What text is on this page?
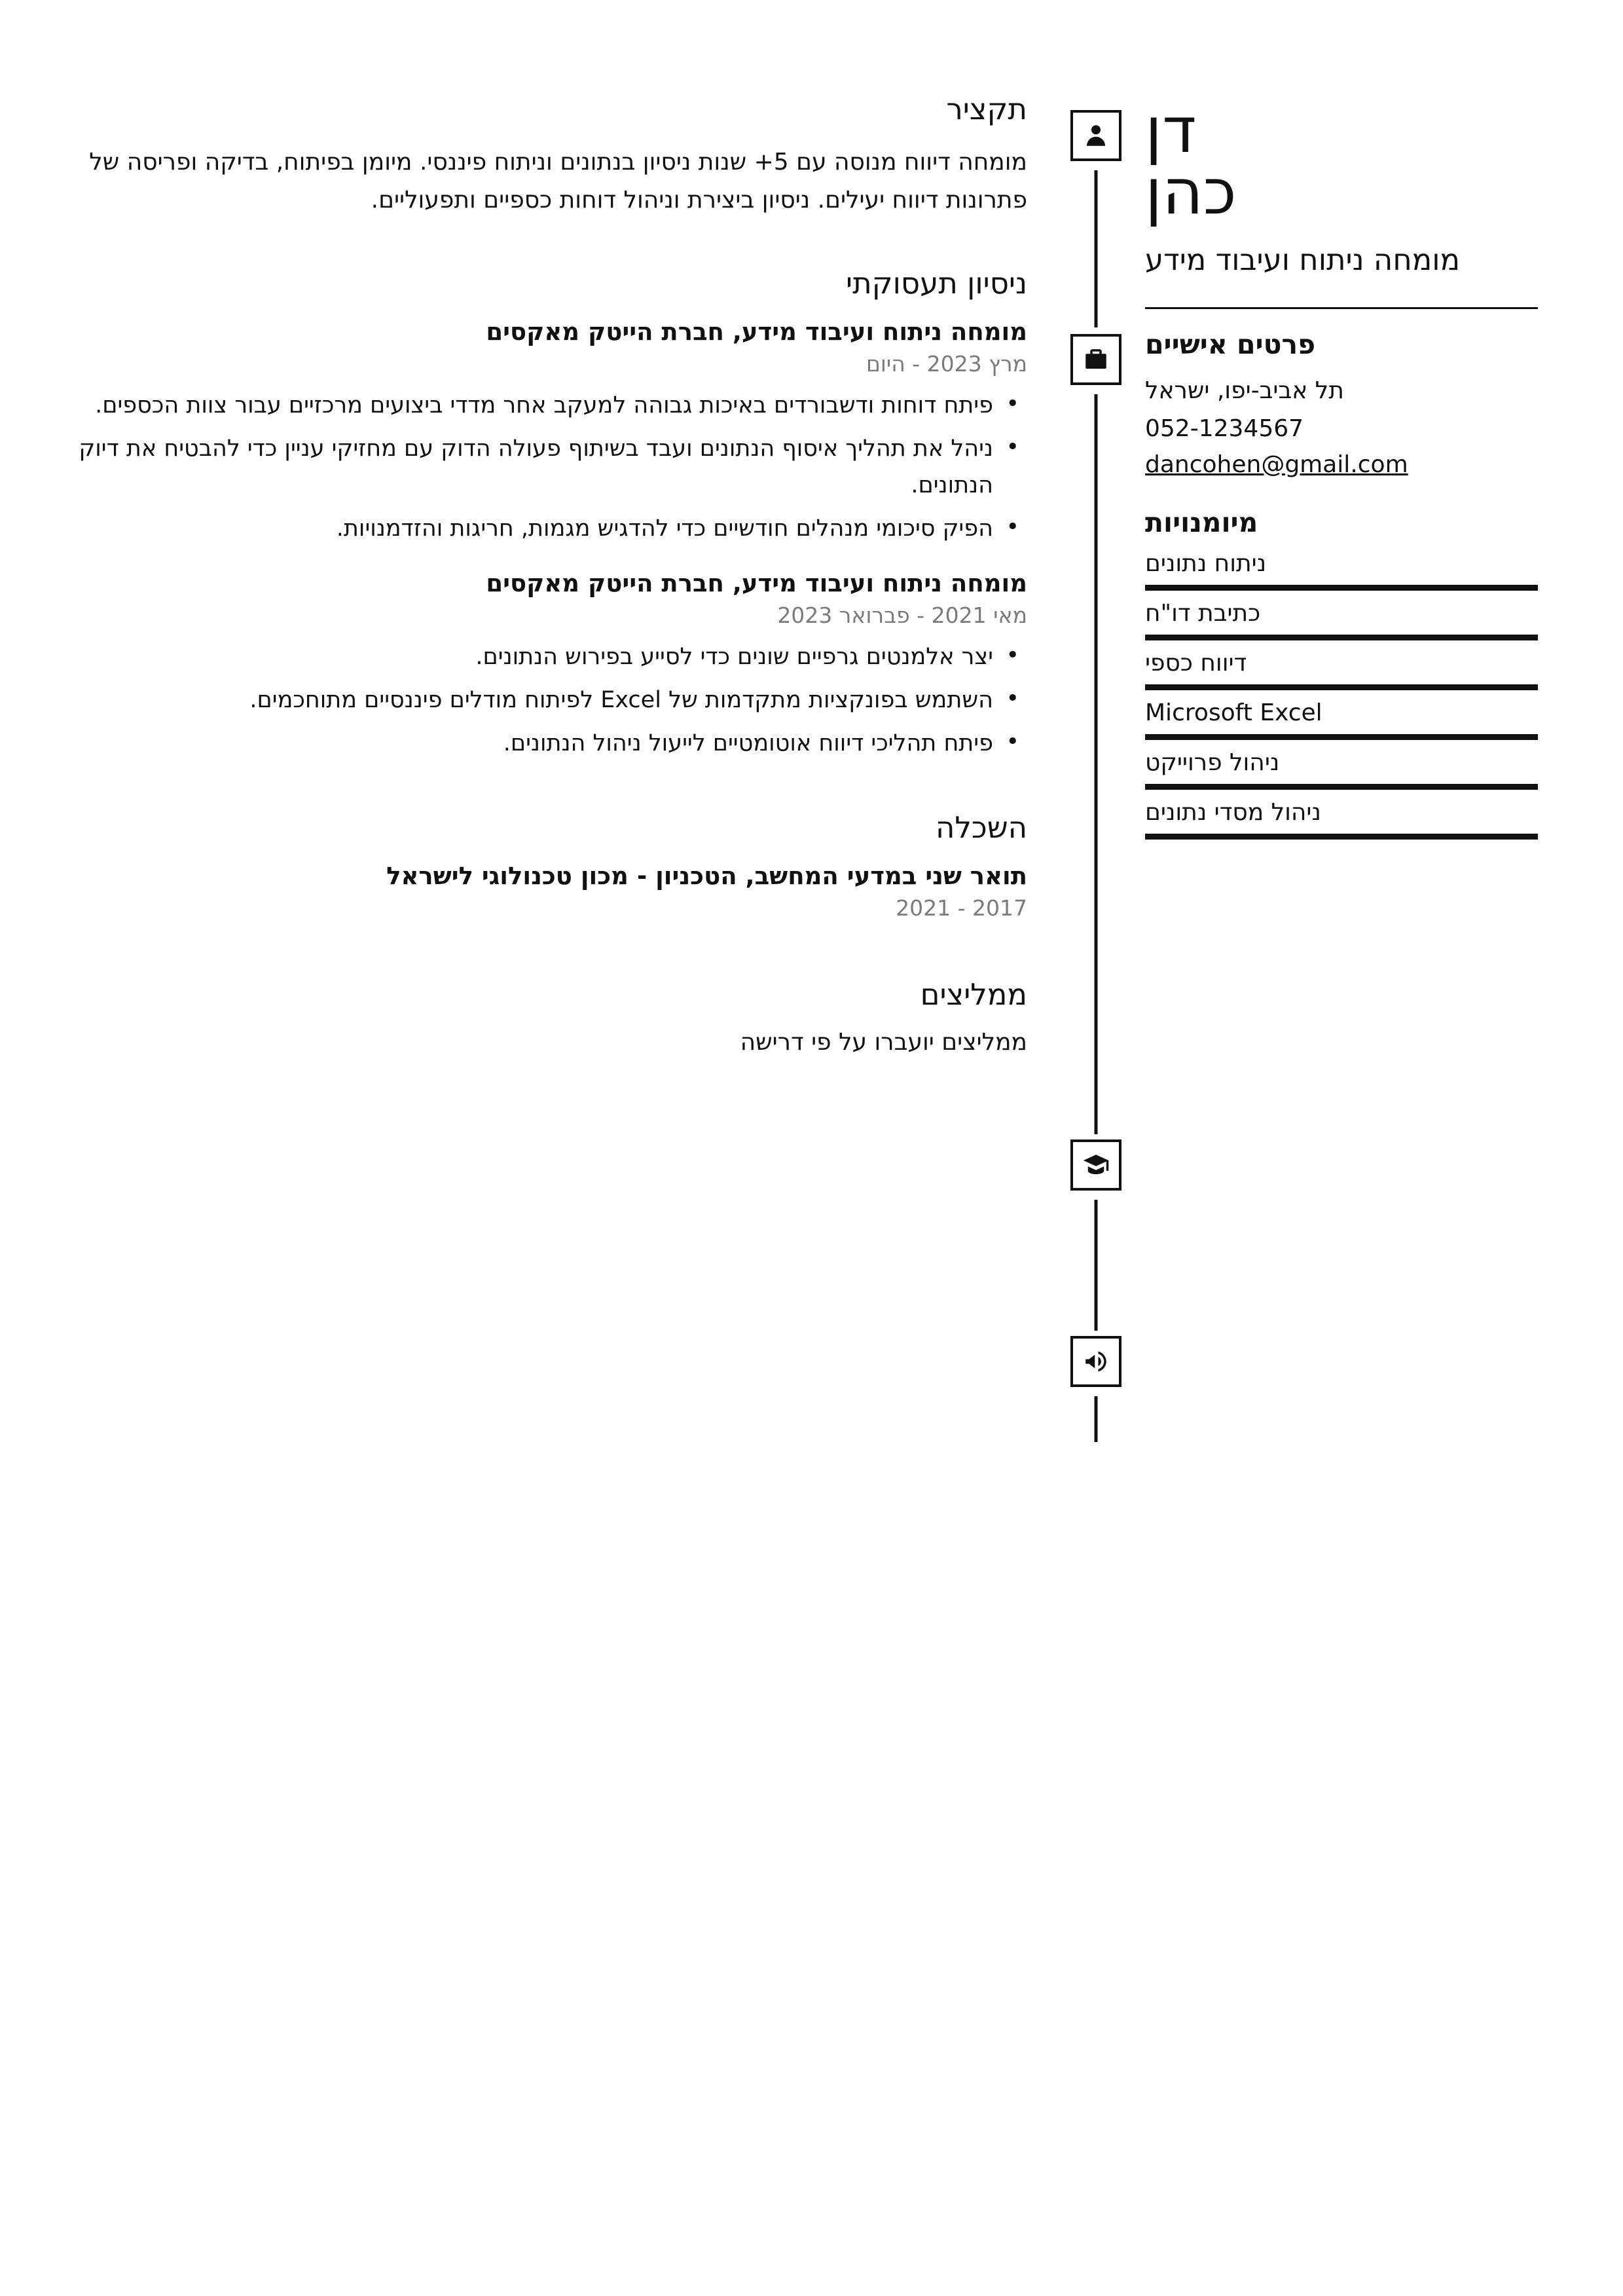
תקציר
מומחה דיווח מנוסה עם 5+ שנות ניסיון בנתונים וניתוח פיננסי. מיומן בפיתוח, בדיקה ופריסה של פתרונות דיווח יעילים. ניסיון ביצירת וניהול דוחות כספיים ותפעוליים.
ניסיון תעסוקתי
מומחה ניתוח ועיבוד מידע, חברת הייטק מאקסים
מרץ 2023 - היום
• פיתח דוחות ודשבורדים באיכות גבוהה למעקב אחר מדדי ביצועים מרכזיים עבור צוות הכספים.
• ניהל את תהליך איסוף הנתונים ועבד בשיתוף פעולה הדוק עם מחזיקי עניין כדי להבטיח את דיוק הנתונים.
• הפיק סיכומי מנהלים חודשיים כדי להדגיש מגמות, חריגות והזדמנויות.
מומחה ניתוח ועיבוד מידע, חברת הייטק מאקסים
מאי 2021 - פברואר 2023
• יצר אלמנטים גרפיים שונים כדי לסייע בפירוש הנתונים.
• השתמש בפונקציות מתקדמות של Excel לפיתוח מודלים פיננסיים מתוחכמים.
• פיתח תהליכי דיווח אוטומטיים לייעול ניהול הנתונים.
השכלה
תואר שני במדעי המחשב, הטכניון - מכון טכנולוגי לישראל
2017 - 2021
ממליצים
ממליצים יועברו על פי דרישה
דן
כהן
מומחה ניתוח ועיבוד מידע
פרטים אישיים
תל אביב-יפו, ישראל
052-1234567
dancohen@gmail.com
מיומנויות
ניתוח נתונים
כתיבת דו"ח
דיווח כספי
Microsoft Excel
ניהול פרוייקט
ניהול מסדי נתונים
